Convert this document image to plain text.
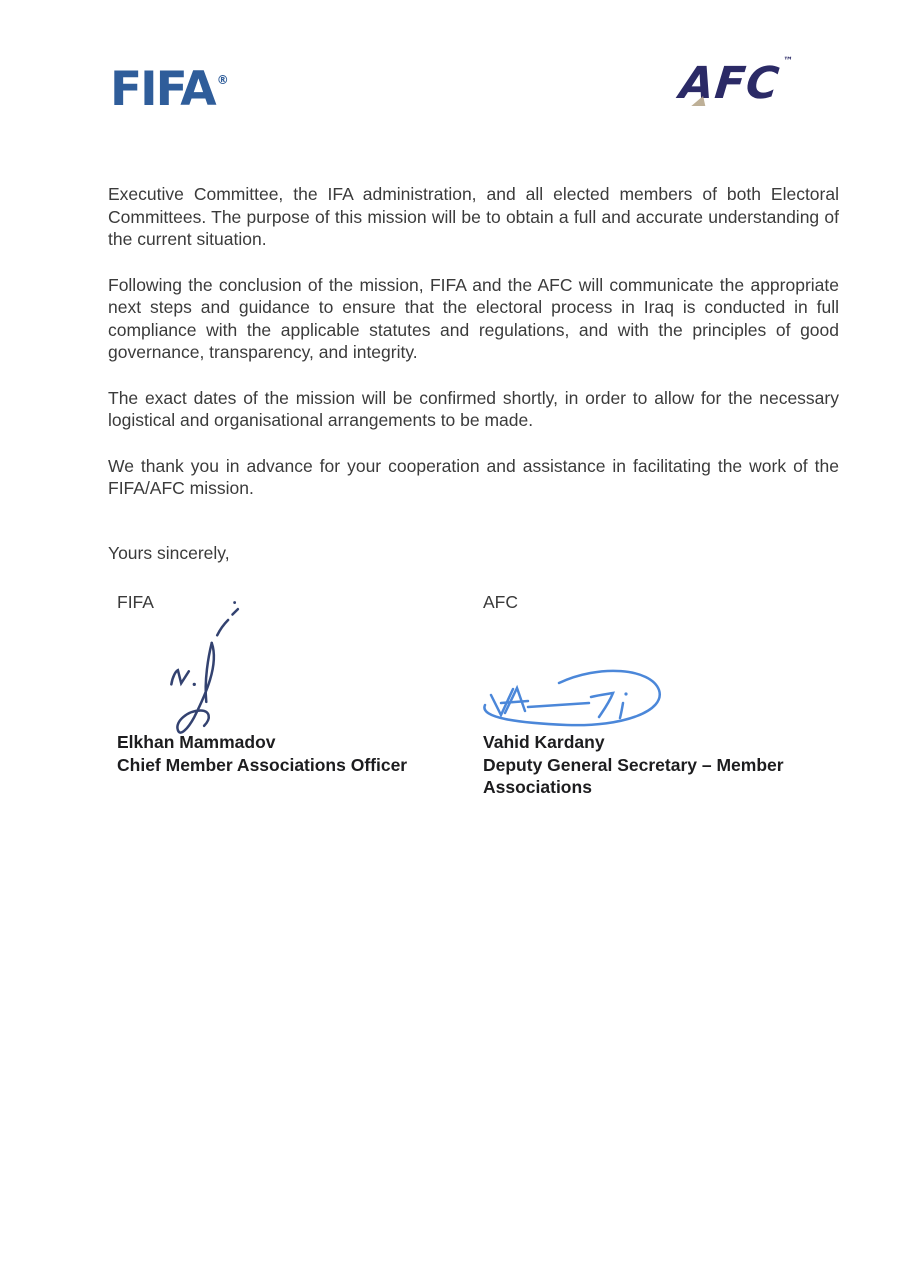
FIFA ®	AFC™

Executive Committee, the IFA administration, and all elected members of both Electoral Committees. The purpose of this mission will be to obtain a full and accurate understanding of the current situation.

Following the conclusion of the mission, FIFA and the AFC will communicate the appropriate next steps and guidance to ensure that the electoral process in Iraq is conducted in full compliance with the applicable statutes and regulations, and with the principles of good governance, transparency, and integrity.

The exact dates of the mission will be confirmed shortly, in order to allow for the necessary logistical and organisational arrangements to be made.

We thank you in advance for your cooperation and assistance in facilitating the work of the FIFA/AFC mission.

Yours sincerely,

FIFA
Elkhan Mammadov
Chief Member Associations Officer
AFC
Vahid Kardany
Deputy General Secretary – Member Associations
